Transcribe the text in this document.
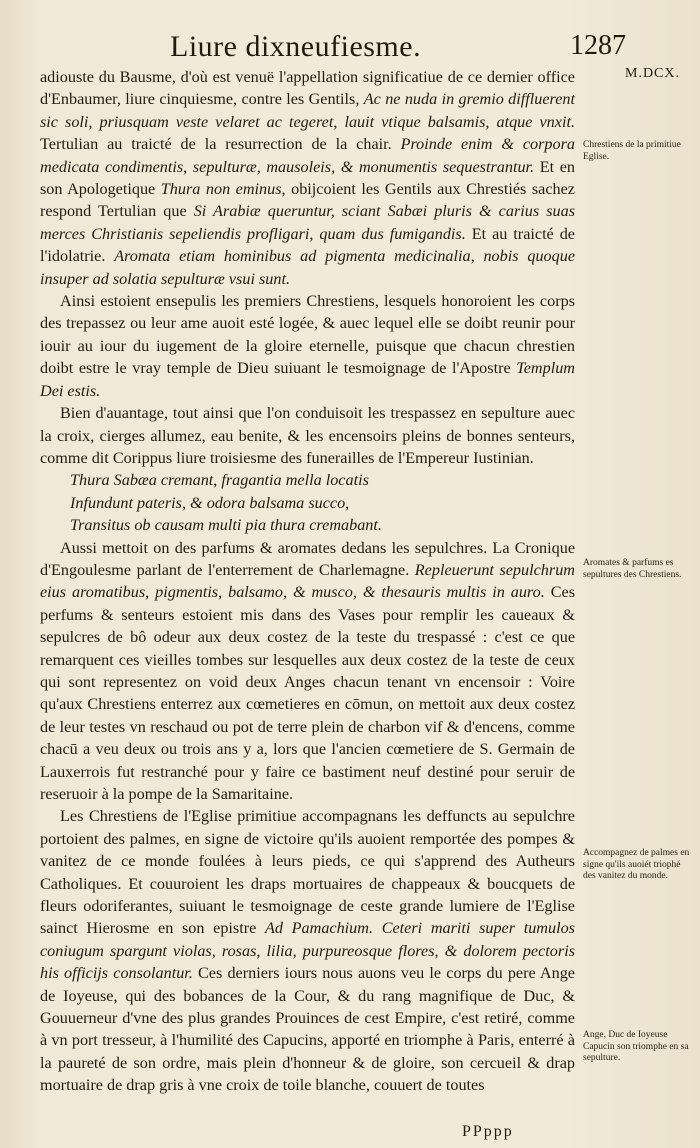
Liure dixneufiesme.	1287
M.DCX.

adiouste du Bausme, d'où est venuë l'appellation significatiue de ce dernier office d'Enbaumer, liure cinquiesme, contre les Gentils, Ac ne nuda in gremio diffluerent sic soli, priusquam veste velaret ac tegeret, lauit vtique balsamis, atque vnxit. Tertulian au traicté de la resurrection de la chair. Proinde enim & corpora medicata condimentis, sepulturæ, mausoleis, & monumentis sequestrantur. Et en son Apologetique Thura non eminus, obijcoient les Gentils aux Chrestiés sachez respond Tertulian que Si Arabiæ queruntur, sciant Sabæi pluris & carius suas merces Christianis sepeliendis profligari, quam dus fumigandis. Et au traicté de l'idolatrie. Aromata etiam hominibus ad pigmenta medicinalia, nobis quoque insuper ad solatia sepulturæ vsui sunt.

Ainsi estoient ensepulis les premiers Chrestiens, lesquels honoroient les corps des trepassez ou leur ame auoit esté logée, & auec lequel elle se doibt reunir pour iouir au iour du iugement de la gloire eternelle, puisque que chacun chrestien doibt estre le vray temple de Dieu suiuant le tesmoignage de l'Apostre Templum Dei estis.

Bien d'auantage, tout ainsi que l'on conduisoit les trespassez en sepulture auec la croix, cierges allumez, eau benite, & les encensoirs pleins de bonnes senteurs, comme dit Corippus liure troisiesme des funerailles de l'Empereur Iustinian.

Thura Sabæa cremant, fragantia mella locatis
Infundunt pateris, & odora balsama succo,
Transitus ob causam multi pia thura cremabant.

Aussi mettoit on des parfums & aromates dedans les sepulchres. La Cronique d'Engoulesme parlant de l'enterrement de Charlemagne. Repleuerunt sepulchrum eius aromatibus, pigmentis, balsamo, & musco, & thesauris multis in auro. Ces perfums & senteurs estoient mis dans des Vases pour remplir les caueaux & sepulcres de bô odeur aux deux costez de la teste du trespassé : c'est ce que remarquent ces vieilles tombes sur lesquelles aux deux costez de la teste de ceux qui sont representez on void deux Anges chacun tenant vn encensoir : Voire qu'aux Chrestiens enterrez aux cœmetieres en cōmun, on mettoit aux deux costez de leur testes vn reschaud ou pot de terre plein de charbon vif & d'encens, comme chacū a veu deux ou trois ans y a, lors que l'ancien cœmetiere de S. Germain de Lauxerrois fut restranché pour y faire ce bastiment neuf destiné pour seruir de reseruoir à la pompe de la Samaritaine.

Les Chrestiens de l'Eglise primitiue accompagnans les deffuncts au sepulchre portoient des palmes, en signe de victoire qu'ils auoient remportée des pompes & vanitez de ce monde foulées à leurs pieds, ce qui s'apprend des Autheurs Catholiques. Et couuroient les draps mortuaires de chappeaux & boucquets de fleurs odoriferantes, suiuant le tesmoignage de ceste grande lumiere de l'Eglise sainct Hierosme en son epistre Ad Pamachium. Ceteri mariti super tumulos coniugum spargunt violas, rosas, lilia, purpureosque flores, & dolorem pectoris his officijs consolantur. Ces derniers iours nous auons veu le corps du pere Ange de Ioyeuse, qui des bobances de la Cour, & du rang magnifique de Duc, & Gouuerneur d'vne des plus grandes Prouinces de cest Empire, c'est retiré, comme à vn port tresseur, à l'humilité des Capucins, apporté en triomphe à Paris, enterré à la paureté de son ordre, mais plein d'honneur & de gloire, son cercueil & drap mortuaire de drap gris à vne croix de toile blanche, couuert de toutes

Chrestiens de la primitiue Eglise.
Aromates & parfums es sepultures des Chrestiens.
Accompagnez de palmes en signe qu'ils auoiét triophé des vanitez du monde.
Ange, Duc de Ioyeuse Capucin son triomphe en sa sepulture.
PPppp
